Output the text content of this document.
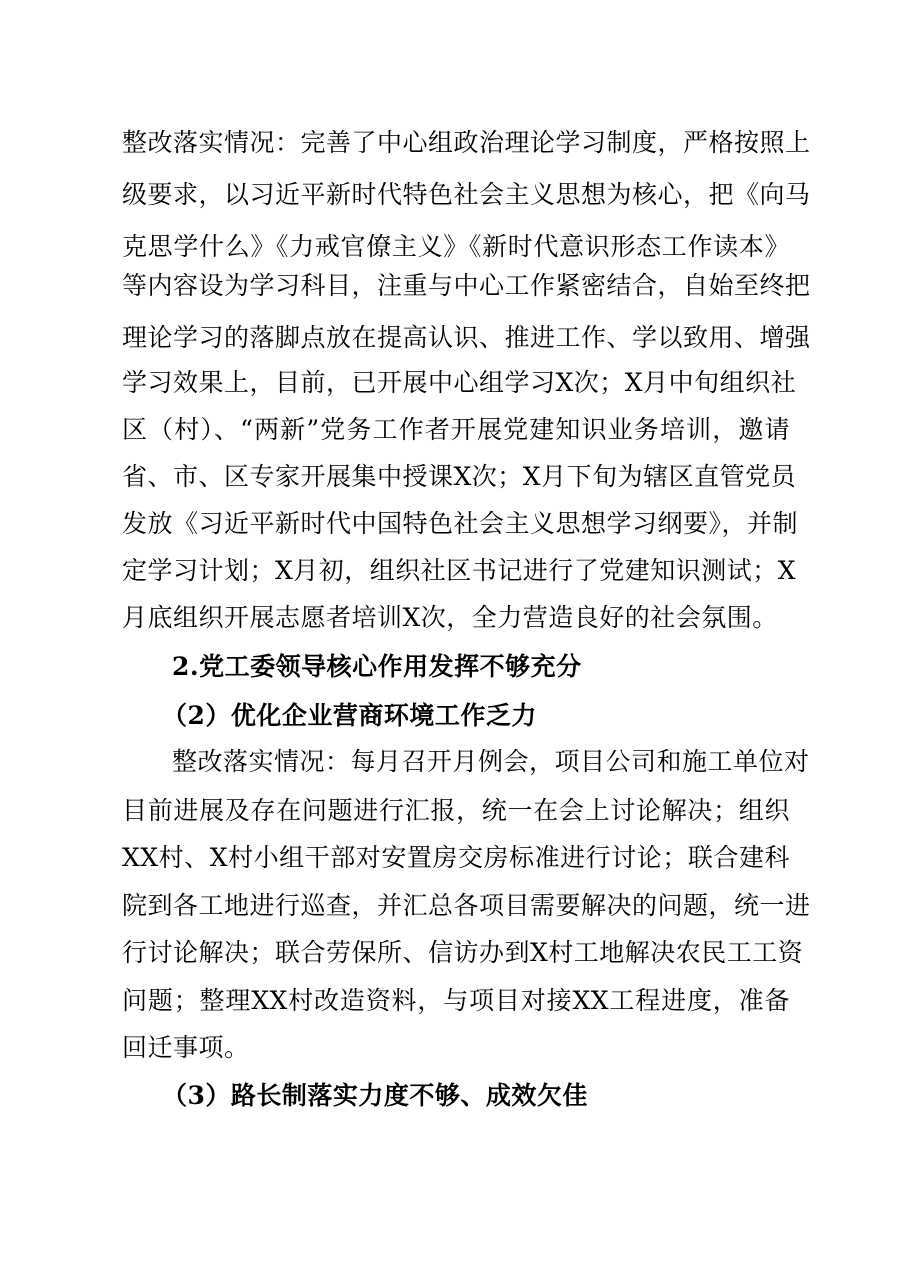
整改落实情况：完善了中心组政治理论学习制度，严格按照上
级要求，以习近平新时代特色社会主义思想为核心，把《向马
克思学什么》《力戒官僚主义》《新时代意识形态工作读本》
等内容设为学习科目，注重与中心工作紧密结合，自始至终把
理论学习的落脚点放在提高认识、推进工作、学以致用、增强
学习效果上，目前，已开展中心组学习X次；X月中旬组织社
区（村）、“两新”党务工作者开展党建知识业务培训，邀请
省、市、区专家开展集中授课X次；X月下旬为辖区直管党员
发放《习近平新时代中国特色社会主义思想学习纲要》，并制
定学习计划；X月初，组织社区书记进行了党建知识测试；X
月底组织开展志愿者培训X次，全力营造良好的社会氛围。
2.党工委领导核心作用发挥不够充分
（2）优化企业营商环境工作乏力
整改落实情况：每月召开月例会，项目公司和施工单位对
目前进展及存在问题进行汇报，统一在会上讨论解决；组织
XX村、X村小组干部对安置房交房标准进行讨论；联合建科
院到各工地进行巡查，并汇总各项目需要解决的问题，统一进
行讨论解决；联合劳保所、信访办到X村工地解决农民工工资
问题；整理XX村改造资料，与项目对接XX工程进度，准备
回迁事项。
（3）路长制落实力度不够、成效欠佳
